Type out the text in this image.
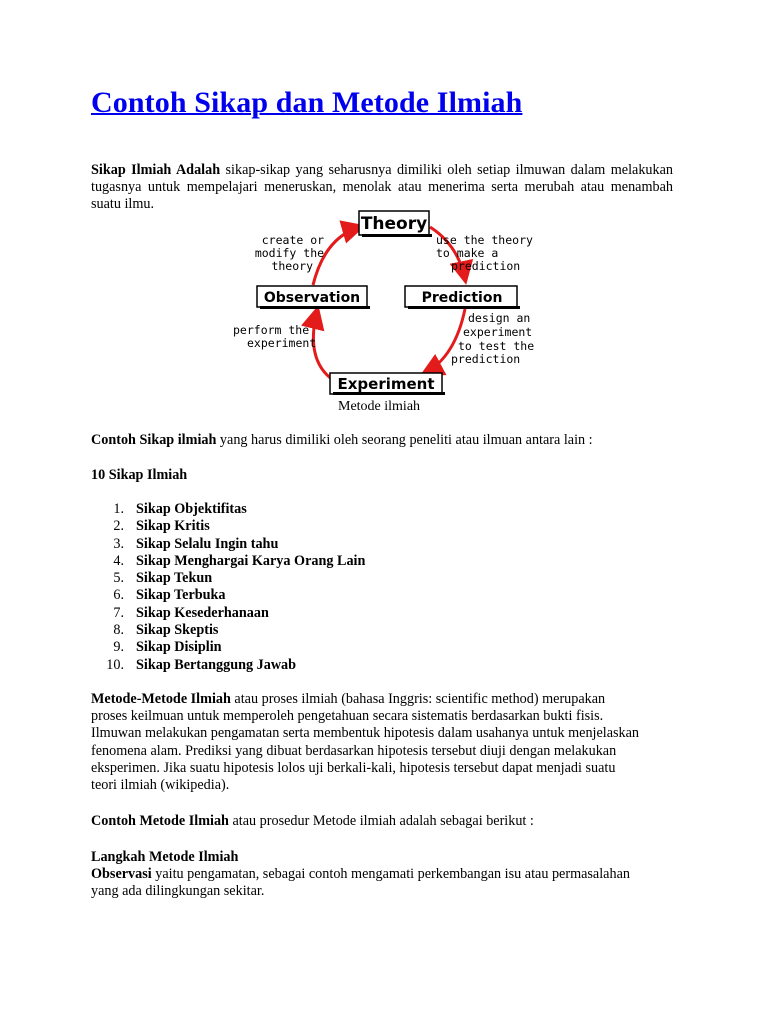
Contoh Sikap dan Metode Ilmiah

Sikap Ilmiah Adalah sikap-sikap yang seharusnya dimiliki oleh setiap ilmuwan dalam melakukan tugasnya untuk mempelajari meneruskan, menolak atau menerima serta merubah atau menambah suatu ilmu.

Theory
Observation	Prediction
Experiment
create or modify the theory
use the theory to make a prediction
design an experiment to test the prediction
perform the experiment

Metode ilmiah

Contoh Sikap ilmiah yang harus dimiliki oleh seorang peneliti atau ilmuan antara lain :

10 Sikap Ilmiah

1. Sikap Objektifitas
2. Sikap Kritis
3. Sikap Selalu Ingin tahu
4. Sikap Menghargai Karya Orang Lain
5. Sikap Tekun
6. Sikap Terbuka
7. Sikap Kesederhanaan
8. Sikap Skeptis
9. Sikap Disiplin
10. Sikap Bertanggung Jawab
Metode-Metode Ilmiah atau proses ilmiah (bahasa Inggris: scientific method) merupakan
proses keilmuan untuk memperoleh pengetahuan secara sistematis berdasarkan bukti fisis.
Ilmuwan melakukan pengamatan serta membentuk hipotesis dalam usahanya untuk menjelaskan
fenomena alam. Prediksi yang dibuat berdasarkan hipotesis tersebut diuji dengan melakukan
eksperimen. Jika suatu hipotesis lolos uji berkali-kali, hipotesis tersebut dapat menjadi suatu
teori ilmiah (wikipedia).

Contoh Metode Ilmiah atau prosedur Metode ilmiah adalah sebagai berikut :

Langkah Metode Ilmiah
Observasi yaitu pengamatan, sebagai contoh mengamati perkembangan isu atau permasalahan
yang ada dilingkungan sekitar.
